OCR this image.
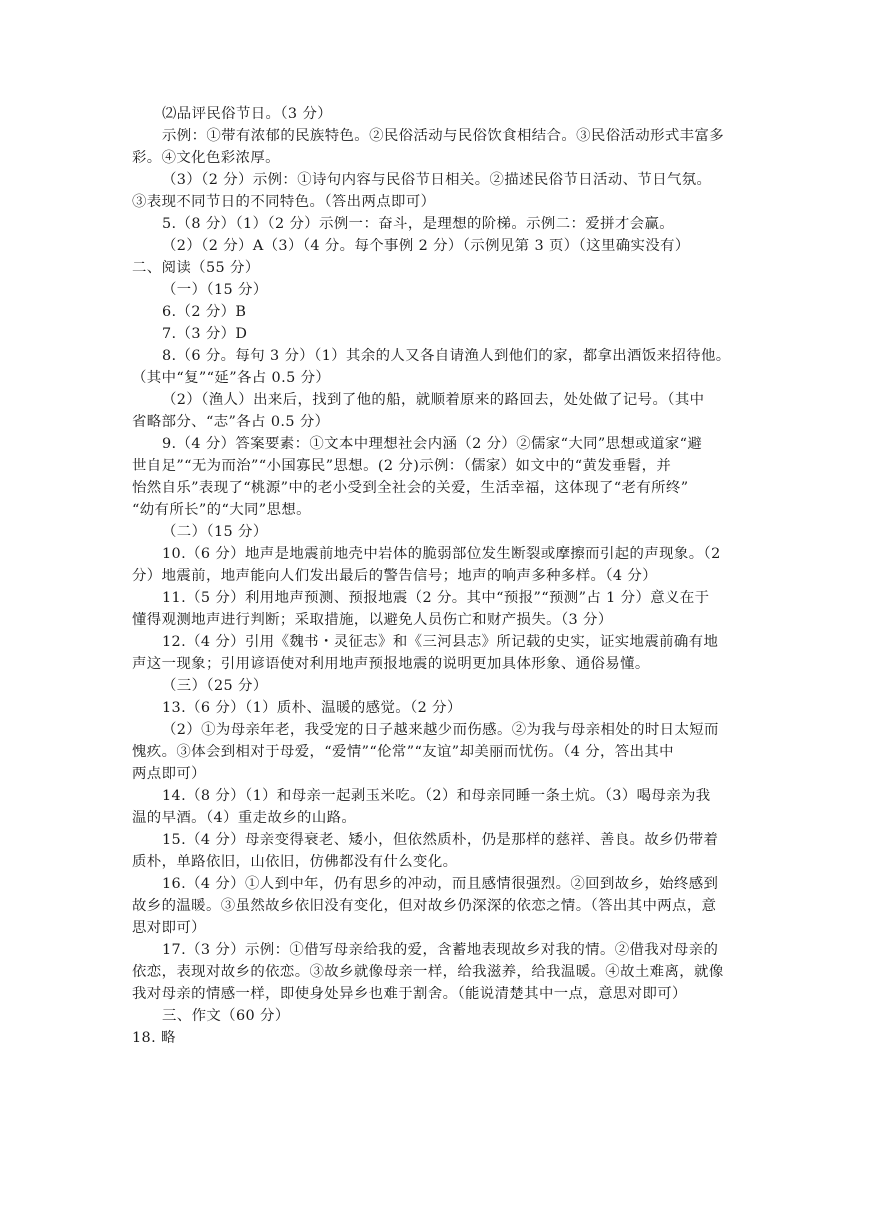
⑵品评民俗节日。（3 分）
示例：①带有浓郁的民族特色。②民俗活动与民俗饮食相结合。③民俗活动形式丰富多
彩。④文化色彩浓厚。
（3）（2 分）示例：①诗句内容与民俗节日相关。②描述民俗节日活动、节日气氛。
③表现不同节日的不同特色。（答出两点即可）
5.（8 分）（1）（2 分）示例一：奋斗，是理想的阶梯。示例二：爱拼才会赢。
（2）（2 分）A（3）（4 分。每个事例 2 分）（示例见第 3 页）（这里确实没有）
二、阅读（55 分）
（一）（15 分）
6.（2 分）B
7.（3 分）D
8.（6 分。每句 3 分）（1）其余的人又各自请渔人到他们的家，都拿出酒饭来招待他。
（其中“复”“延”各占 0.5 分）
（2）（渔人）出来后，找到了他的船，就顺着原来的路回去，处处做了记号。（其中
省略部分、“志”各占 0.5 分）
9.（4 分）答案要素：①文本中理想社会内涵（2 分）②儒家“大同”思想或道家“避
世自足”“无为而治”“小国寡民”思想。(2 分)示例：（儒家）如文中的“黄发垂髫，并
怡然自乐”表现了“桃源”中的老小受到全社会的关爱，生活幸福，这体现了“老有所终”
“幼有所长”的“大同”思想。
（二）（15 分）
10.（6 分）地声是地震前地壳中岩体的脆弱部位发生断裂或摩擦而引起的声现象。（2
分）地震前，地声能向人们发出最后的警告信号；地声的响声多种多样。（4 分）
11.（5 分）利用地声预测、预报地震（2 分。其中“预报”“预测”占 1 分）意义在于
懂得观测地声进行判断；采取措施，以避免人员伤亡和财产损失。（3 分）
12.（4 分）引用《魏书・灵征志》和《三河县志》所记载的史实，证实地震前确有地
声这一现象；引用谚语使对利用地声预报地震的说明更加具体形象、通俗易懂。
（三）（25 分）
13.（6 分）（1）质朴、温暖的感觉。（2 分）
（2）①为母亲年老，我受宠的日子越来越少而伤感。②为我与母亲相处的时日太短而
愧疚。③体会到相对于母爱，“爱情”“伦常”“友谊”却美丽而忧伤。（4 分，答出其中
两点即可）
14.（8 分）（1）和母亲一起剥玉米吃。（2）和母亲同睡一条土炕。（3）喝母亲为我
温的早酒。（4）重走故乡的山路。
15.（4 分）母亲变得衰老、矮小，但依然质朴，仍是那样的慈祥、善良。故乡仍带着
质朴，单路依旧，山依旧，仿佛都没有什么变化。
16.（4 分）①人到中年，仍有思乡的冲动，而且感情很强烈。②回到故乡，始终感到
故乡的温暖。③虽然故乡依旧没有变化，但对故乡仍深深的依恋之情。（答出其中两点，意
思对即可）
17.（3 分）示例：①借写母亲给我的爱，含蓄地表现故乡对我的情。②借我对母亲的
依恋，表现对故乡的依恋。③故乡就像母亲一样，给我滋养，给我温暖。④故土难离，就像
我对母亲的情感一样，即使身处异乡也难于割舍。（能说清楚其中一点，意思对即可）
三、作文（60 分）
18. 略
